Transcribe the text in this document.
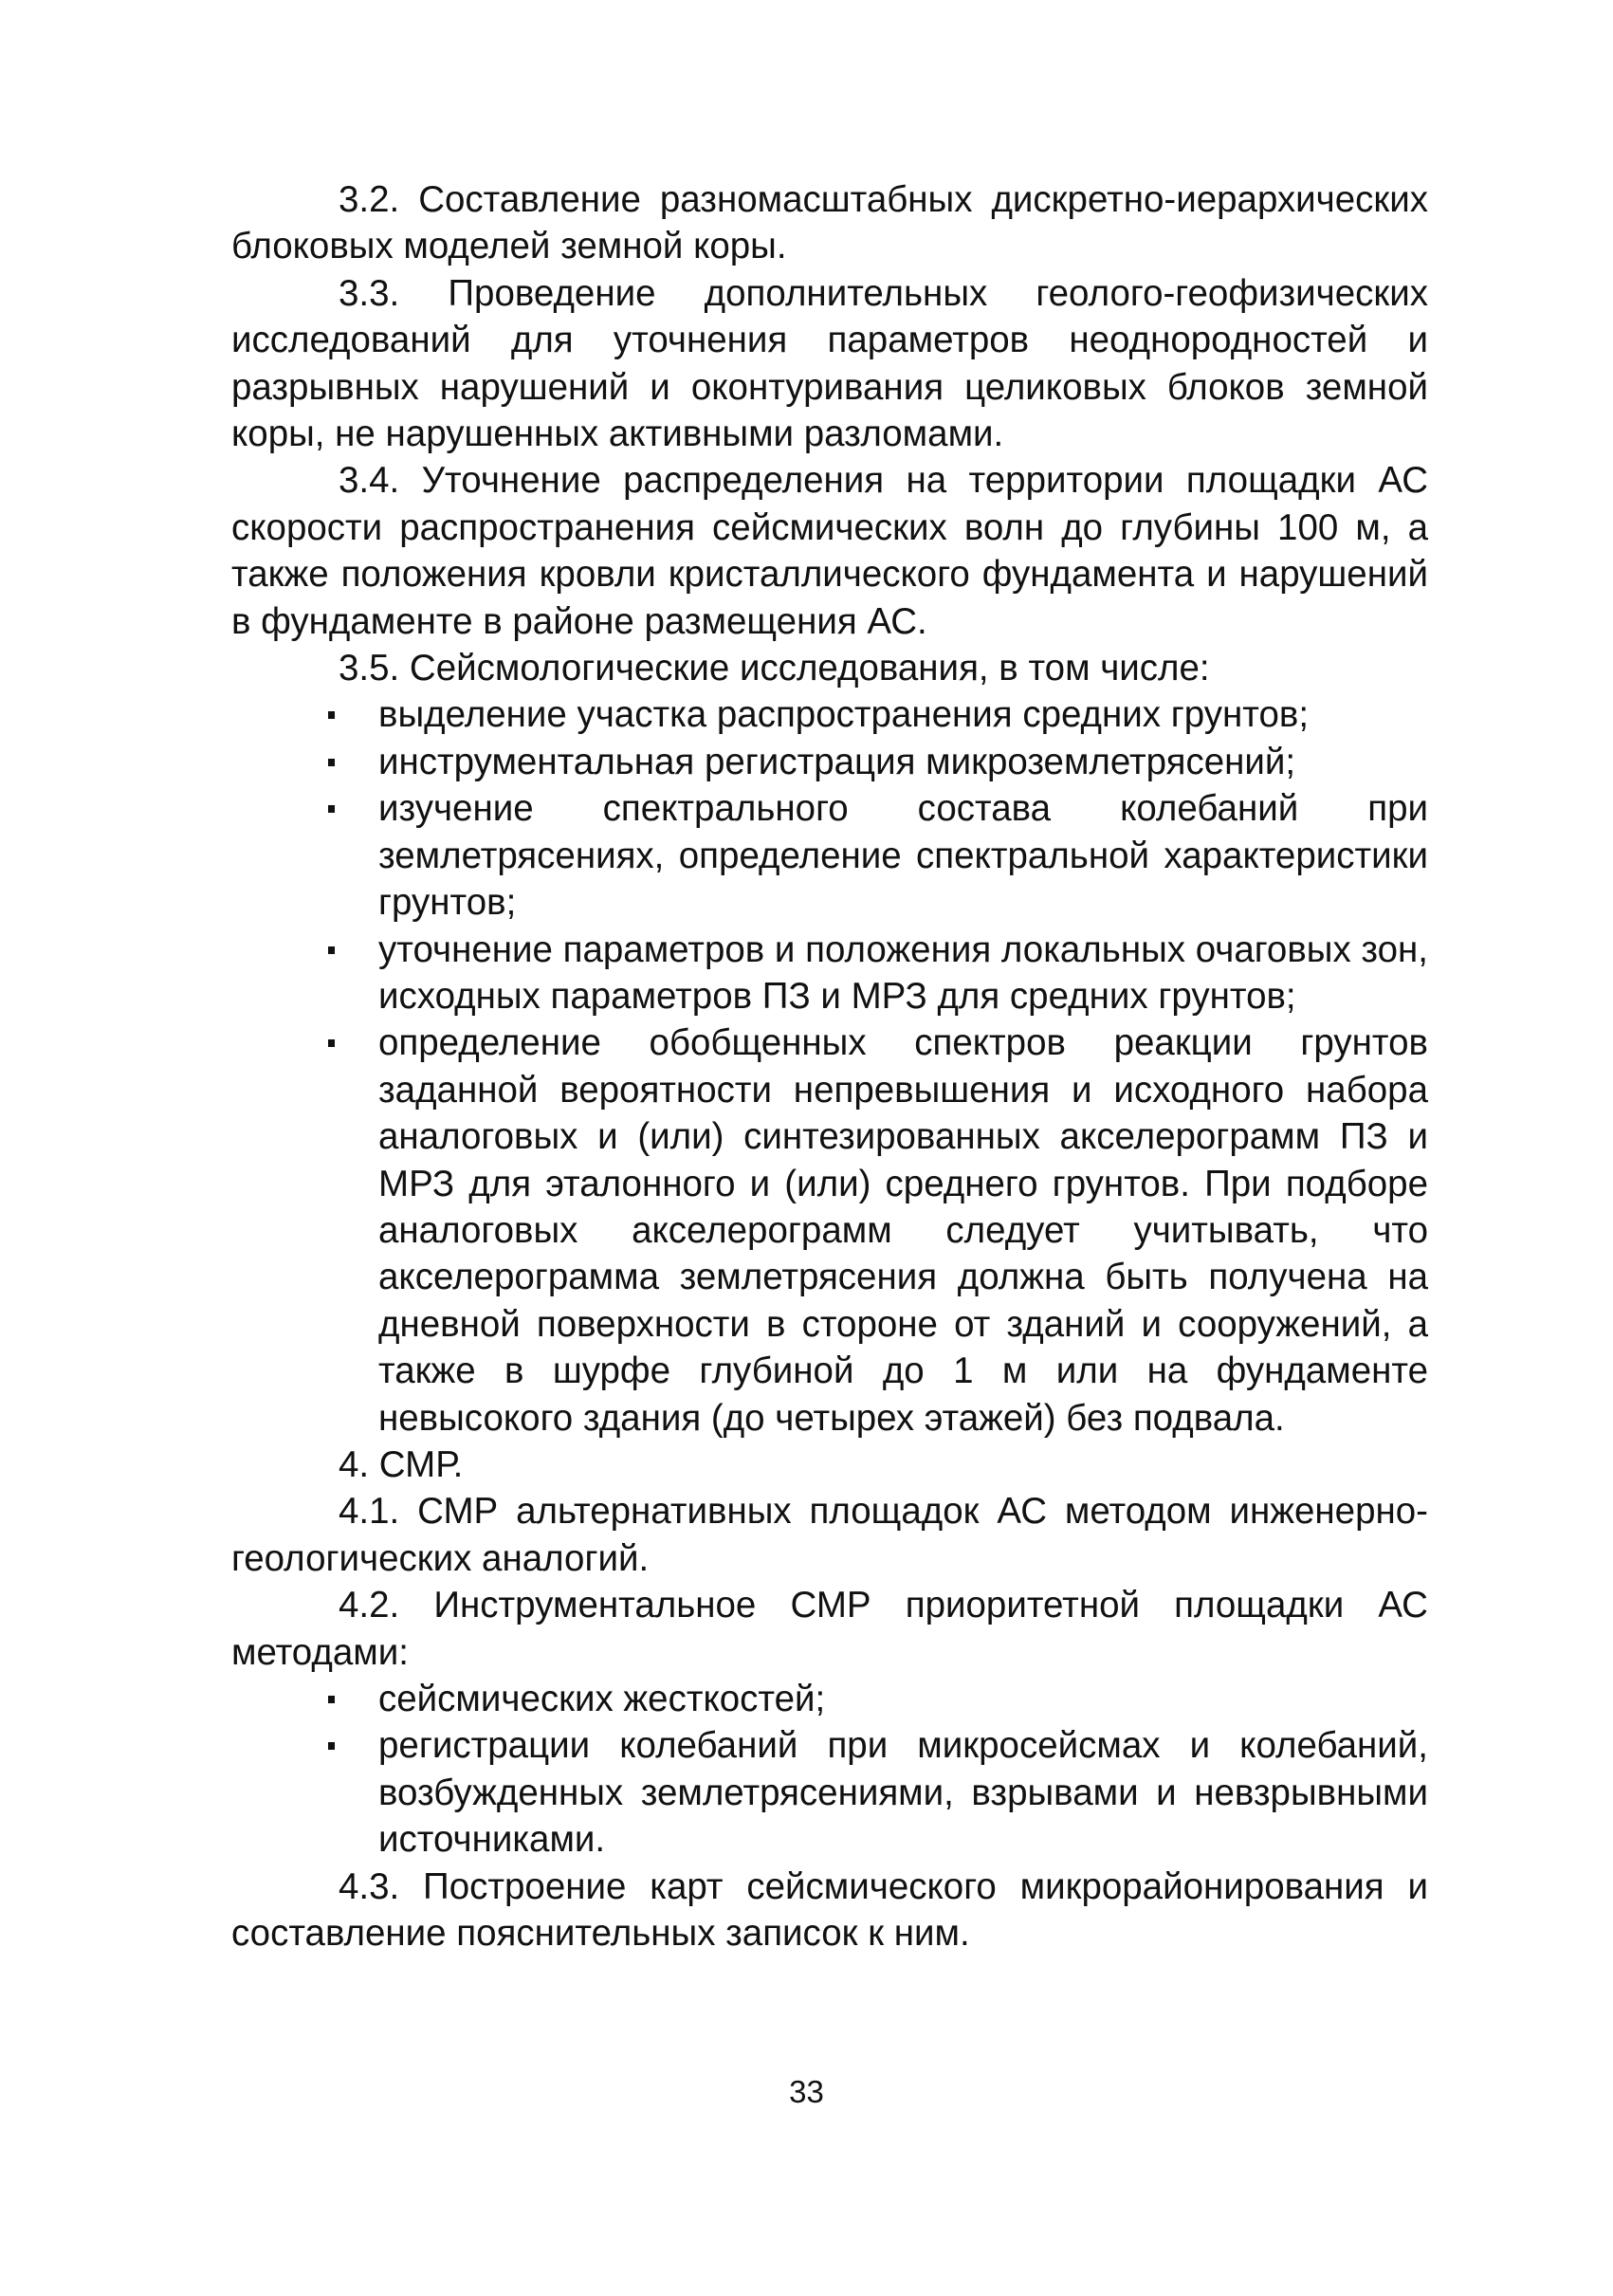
3.2. Составление разномасштабных дискретно-иерархических блоковых моделей земной коры.

3.3. Проведение дополнительных геолого-геофизических исследований для уточнения параметров неоднородностей и разрывных нарушений и оконтуривания целиковых блоков земной коры, не нарушенных активными разломами.

3.4. Уточнение распределения на территории площадки АС скорости распространения сейсмических волн до глубины 100 м, а также положения кровли кристаллического фундамента и нарушений в фундаменте в районе размещения АС.

3.5. Сейсмологические исследования, в том числе:

выделение участка распространения средних грунтов;
инструментальная регистрация микроземлетрясений;
изучение спектрального состава колебаний при землетрясениях, определение спектральной характеристики грунтов;
уточнение параметров и положения локальных очаговых зон, исходных параметров ПЗ и МРЗ для средних грунтов;
определение обобщенных спектров реакции грунтов заданной вероятности непревышения и исходного набора аналоговых и (или) синтезированных акселерограмм ПЗ и МРЗ для эталонного и (или) среднего грунтов. При подборе аналоговых акселерограмм следует учитывать, что акселерограмма землетрясения должна быть получена на дневной поверхности в стороне от зданий и сооружений, а также в шурфе глубиной до 1 м или на фундаменте невысокого здания (до четырех этажей) без подвала.

4. СМР.

4.1. СМР альтернативных площадок АС методом инженерно-геологических аналогий.

4.2. Инструментальное СМР приоритетной площадки АС методами:

сейсмических жесткостей;
регистрации колебаний при микросейсмах и колебаний, возбужденных землетрясениями, взрывами и невзрывными источниками.

4.3. Построение карт сейсмического микрорайонирования и составление пояснительных записок к ним.

33
